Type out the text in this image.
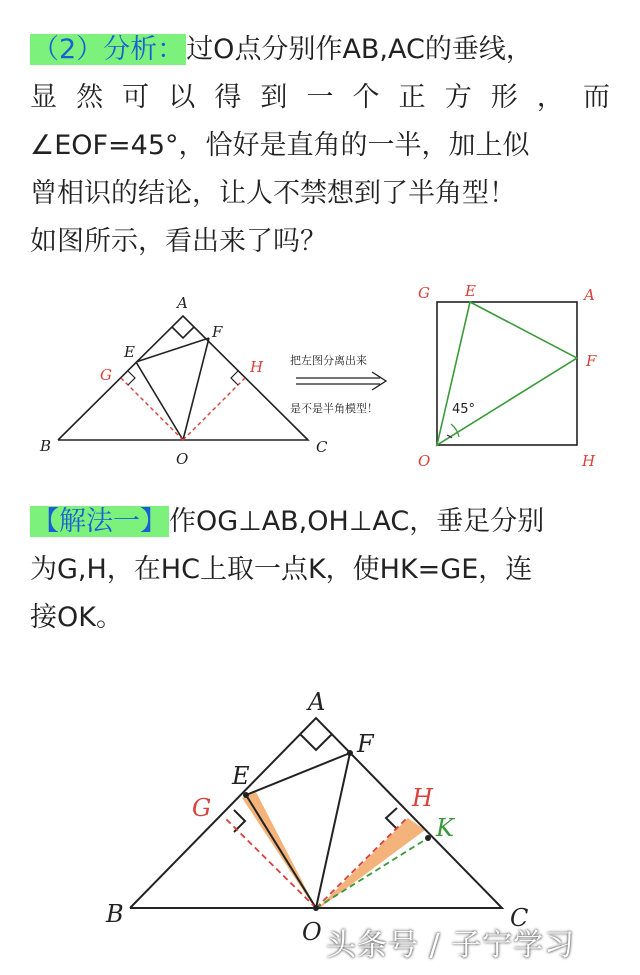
（2）分析：过O点分别作AB,AC的垂线，
显 然 可 以 得 到 一 个 正 方 形 ， 而
∠EOF=45°，恰好是直角的一半，加上似
曾相识的结论，让人不禁想到了半角型！
如图所示，看出来了吗？
A
B	C
E
F
O
G	H 把左图分离出来
是不是半角模型！	45°
G E	A
F
O	H
【解法一】作OG⊥AB,OH⊥AC，垂足分别
为G,H，在HC上取一点K，使HK=GE，连
接OK。
A
B	C
E
F
O
G	H
K
头条号 / 子宁学习
